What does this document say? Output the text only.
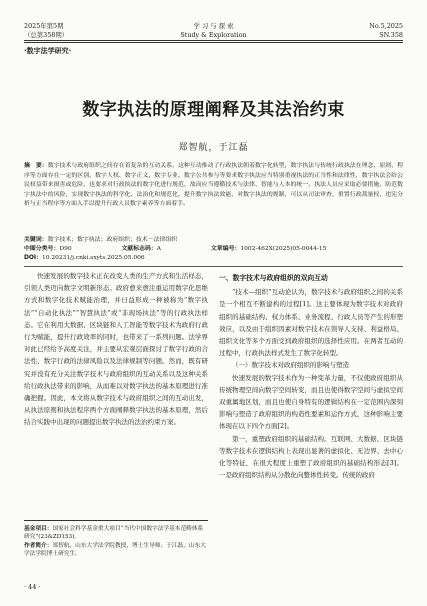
2025年第5期
（总第358期）
学 习 与 探 索
Study & Exploration
No.5,2025
SN.358
·数字法学研究·
数字执法的原理阐释及其法治约束
郑智航，于江磊
摘　要：数字技术与政府组织之间存在着复杂的互动关系。这种互动推动了行政执法朝着数字化转型，数字执法与传统行政执法在理念、原则、程序等方面存在一定的区别。数字人权、数字正义、数字专业、数字公共参与等要求数字执法应当特别重视执法的正当性和法律性，数字执法会给公民权益带来损害或危险，也要求对行政执法的数字化进行规范，故而应当遵循技术与法律、智能与人本的统一。执法人员应采取必要措施，防范数字执法中的风险，实现数字执法的科学化、法治化和规范化，提升数字执法效能，对数字执法的规制，可以从司法审查、重置行政裁量权、违宪分析与正当程序等方面入手以提升行政人员数字素养等方面着手。
关键词：数字技术；数字执法；政府组织；技术－法律组织
中图分类号：D90	文献标志码：A	文章编号：1002-462X(2025)05-0044-15
DOI：10.20231/j.cnki.sxyts.2025.05.006

快速发展的数字技术正在改变人类的生产方式和生活样态，引领人类迈向数字文明新形态。政府愈来愈注重运用数字化思维方式和数字化技术赋能治理，并日益形成一种被称为“数字执法”“自动化执法”“智慧执法”或“非现场执法”等的行政执法样态。它在利用大数据、区块链和人工智能等数字技术为政府行政行为赋能，提升行政效率的同时，也带来了一系列问题。法学界对此已经给予高度关注，并主要从宏观层面探讨了数字行政的合法性、数字行政的法律风险以及法律规制等问题。然而，既有研究并没有充分关注数字技术与政府组织的互动关系以及这种关系给行政执法带来的影响，从而难以对数字执法的基本原理进行准确把握。因此，本文将从数字技术与政府组织之间的互动出发，从执法原则和执法程序两个方面阐释数字执法的基本原理，然后结合实践中出现的问题提出数字执法的法治约束方案。

一、数字技术与政府组织的双向互动

“技术—组织”互动论认为，数字技术与政府组织之间的关系是一个相互不断建构的过程[1]。这主要体现为数字技术对政府组织的基础结构、权力体系、业务流程、行政人员等产生的形塑效应，以及由于组织因素对数字技术在领导人支持、利益格局、组织文化等多个方面受到政府组织的选择性应用。在两者互动的过程中，行政执法样式发生了数字化转型。

（一）数字技术对政府组织的影响与塑造

快速发展的数字技术作为一种变革力量，不仅使政府组织从传统物理空间向数字空间转变，而且也使得数字空间与虚拟空间双重属地区划，而且也使自身特有的逻辑结构在一定范围内深刻影响与塑造了政府组织的构造性要素和运作方式，这种影响主要体现在以下四个方面[2]。

第一，重塑政府组织的基础结构。互联网、大数据、区块链等数字技术在逻辑结构上表现出显著的虚拟化、无边界、去中心化等特征，在很大程度上重塑了政府组织的基础结构形态[3]。一是政府组织结构从分散化向整体性转变。传统的政府

基金项目：国家社会科学基金重大项目“当代中国数字法学基本范畴体系研究”(23&ZD153)。
作者简介：郑智航，山东大学法学院教授，博士生导师；于江磊，山东大学法学院博士研究生。
· 44 ·
